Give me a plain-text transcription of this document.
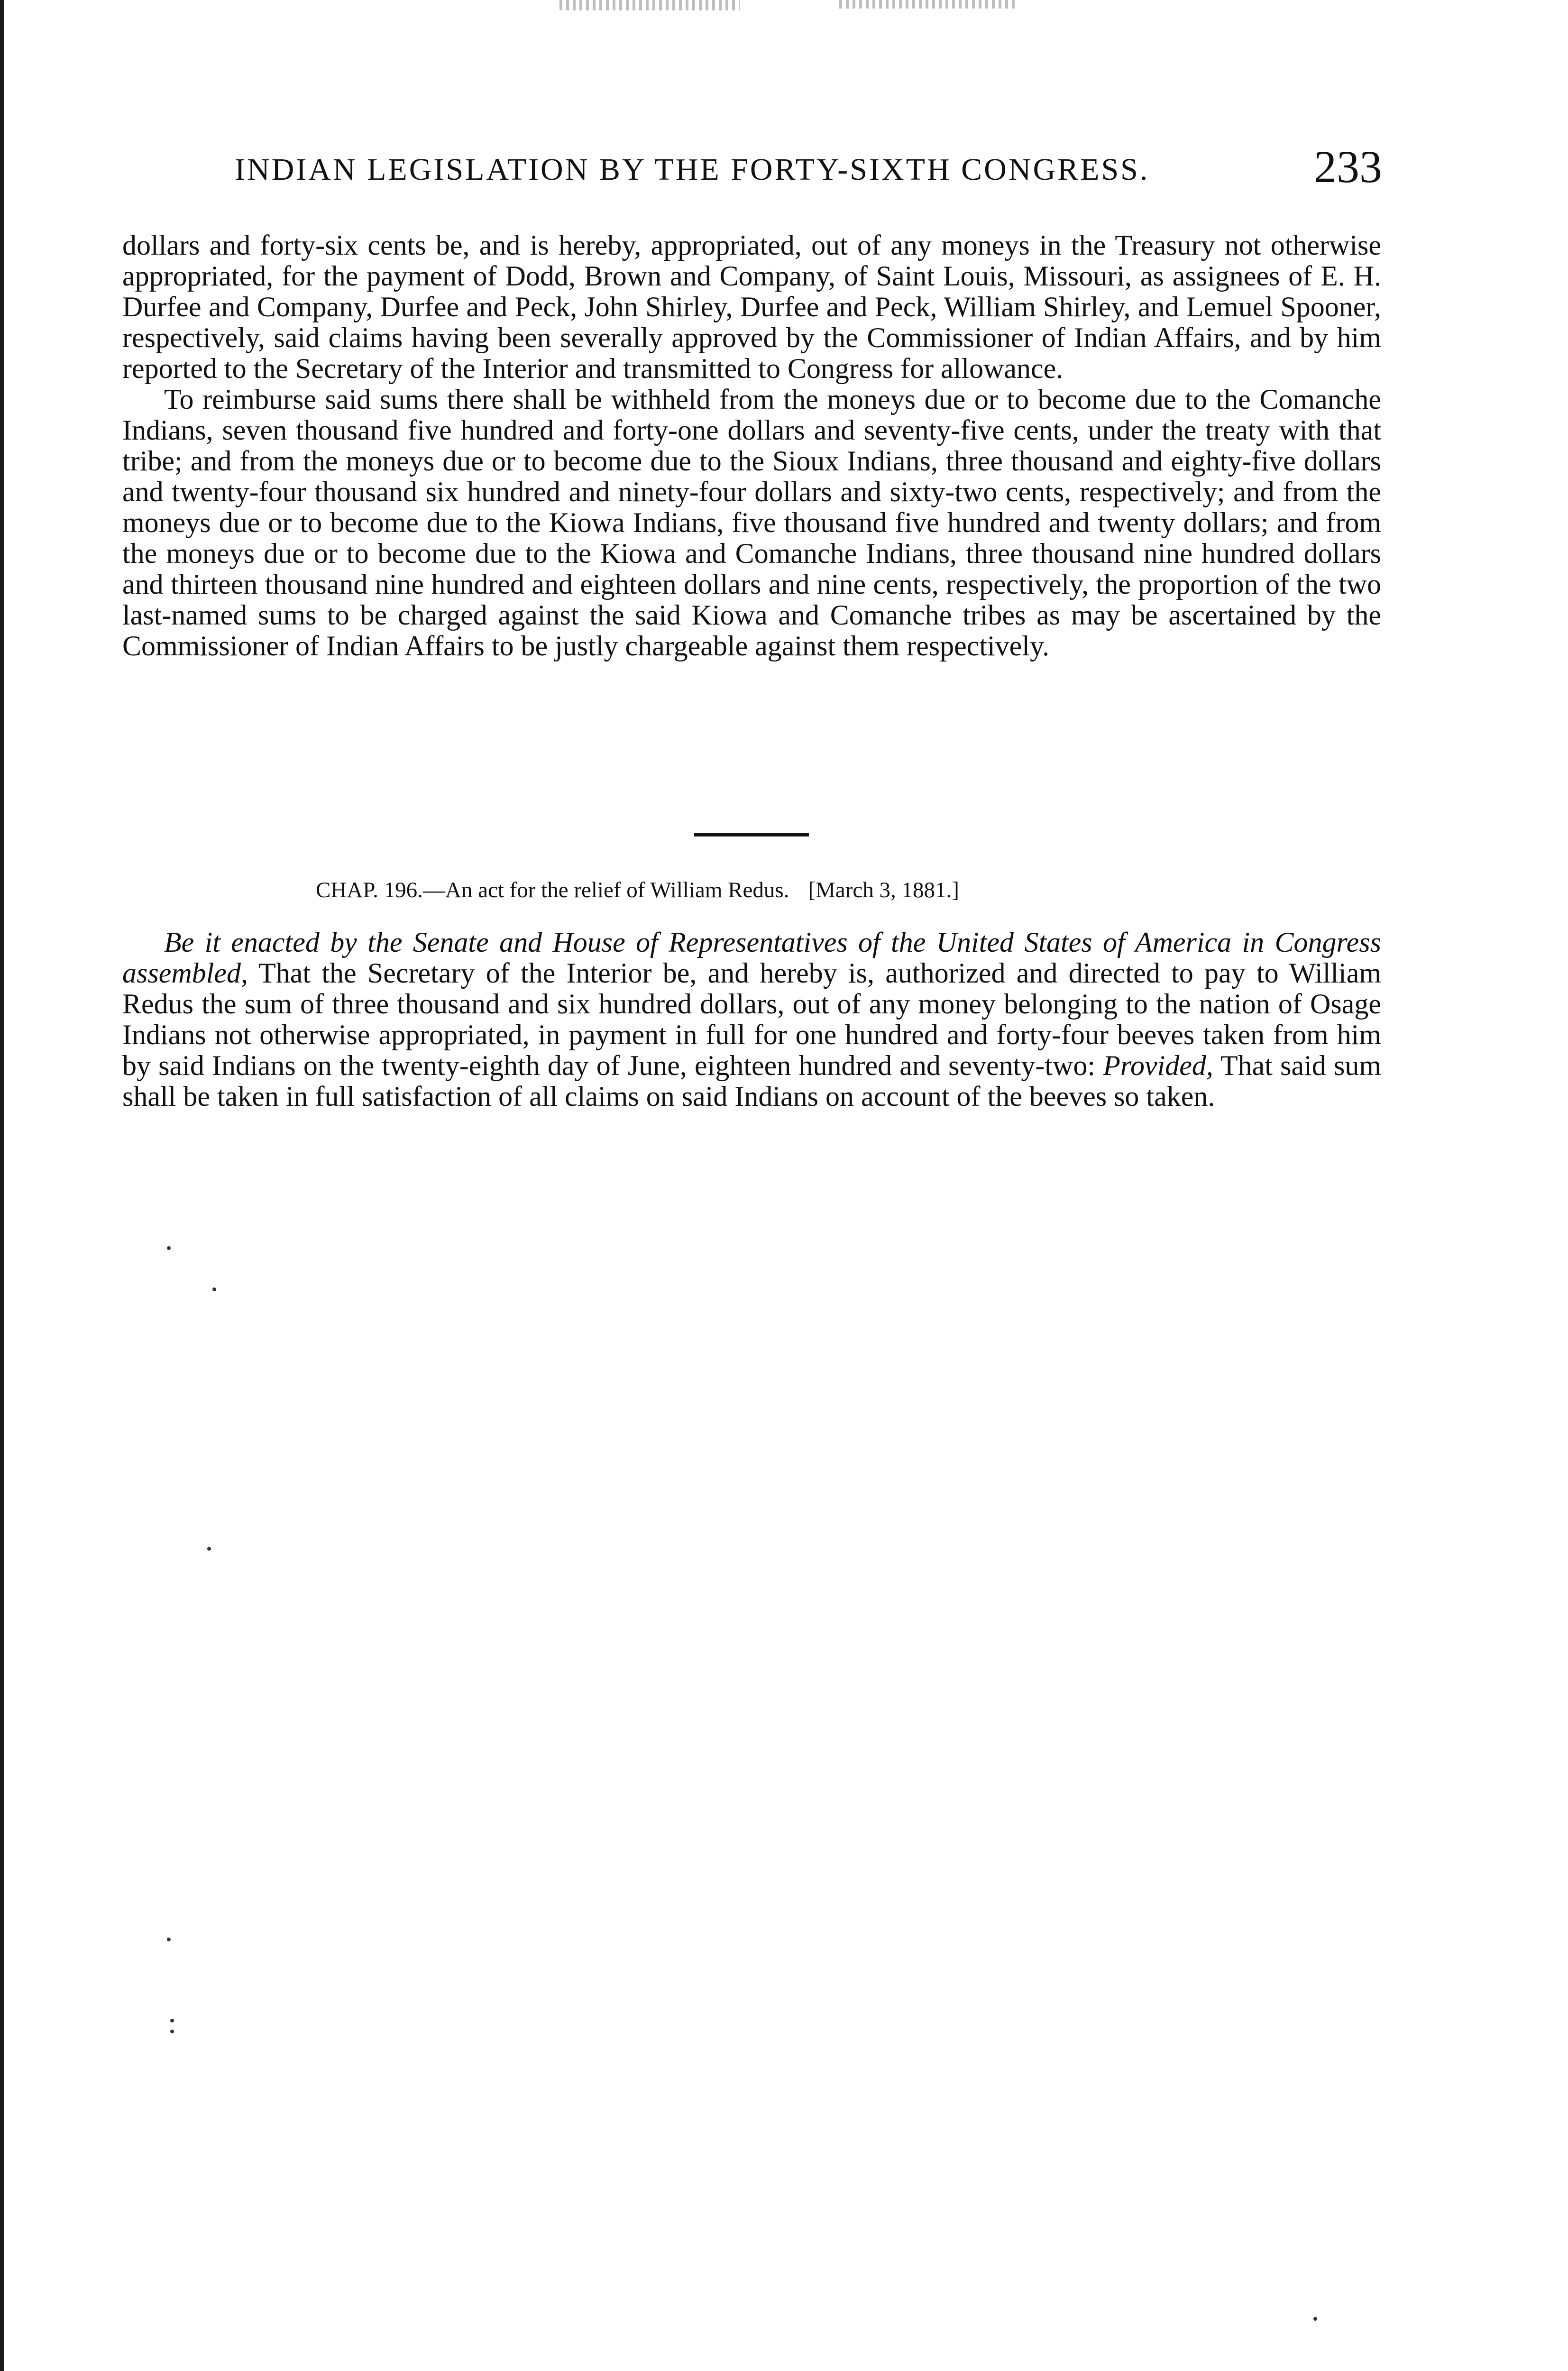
INDIAN LEGISLATION BY THE FORTY-SIXTH CONGRESS.	233

dollars and forty-six cents be, and is hereby, appropriated, out of any moneys in the Treasury not otherwise appropriated, for the payment of Dodd, Brown and Company, of Saint Louis, Missouri, as assignees of E. H. Durfee and Company, Durfee and Peck, John Shirley, Durfee and Peck, William Shirley, and Lemuel Spooner, respectively, said claims having been severally approved by the Commissioner of Indian Affairs, and by him reported to the Secretary of the Interior and transmitted to Congress for allowance.

To reimburse said sums there shall be withheld from the moneys due or to become due to the Comanche Indians, seven thousand five hundred and forty-one dollars and seventy-five cents, under the treaty with that tribe; and from the moneys due or to become due to the Sioux Indians, three thousand and eighty-five dollars and twenty-four thousand six hundred and ninety-four dollars and sixty-two cents, respectively; and from the moneys due or to become due to the Kiowa Indians, five thousand five hundred and twenty dollars; and from the moneys due or to become due to the Kiowa and Comanche Indians, three thousand nine hundred dollars and thirteen thousand nine hundred and eighteen dollars and nine cents, respectively, the proportion of the two last-named sums to be charged against the said Kiowa and Comanche tribes as may be ascertained by the Commissioner of Indian Affairs to be justly chargeable against them respectively.

CHAP. 196.—An act for the relief of William Redus. [March 3, 1881.]

Be it enacted by the Senate and House of Representatives of the United States of America in Congress assembled, That the Secretary of the Interior be, and hereby is, authorized and directed to pay to William Redus the sum of three thousand and six hundred dollars, out of any money belonging to the nation of Osage Indians not otherwise appropriated, in payment in full for one hundred and forty-four beeves taken from him by said Indians on the twenty-eighth day of June, eighteen hundred and seventy-two: Provided, That said sum shall be taken in full satisfaction of all claims on said Indians on account of the beeves so taken.
